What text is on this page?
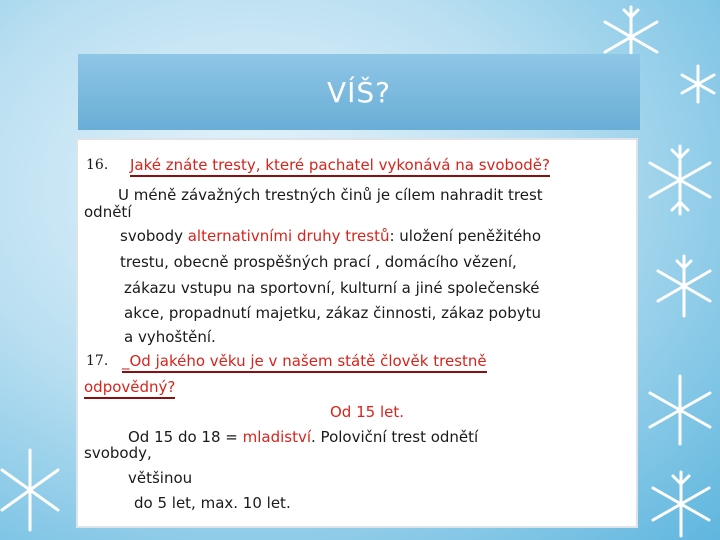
VÍŠ?
16. Jaké znáte tresty, které pachatel vykonává na svobodě?
U méně závažných trestných činů je cílem nahradit trest
odnětí
svobody alternativními druhy trestů: uložení peněžitého
trestu, obecně prospěšných prací , domácího vězení,
zákazu vstupu na sportovní, kulturní a jiné společenské
akce, propadnutí majetku, zákaz činnosti, zákaz pobytu
a vyhoštění.
17. _Od jakého věku je v našem státě člověk trestně
odpovědný?
Od 15 let.
Od 15 do 18 = mladiství. Poloviční trest odnětí
svobody,
většinou
do 5 let, max. 10 let.
